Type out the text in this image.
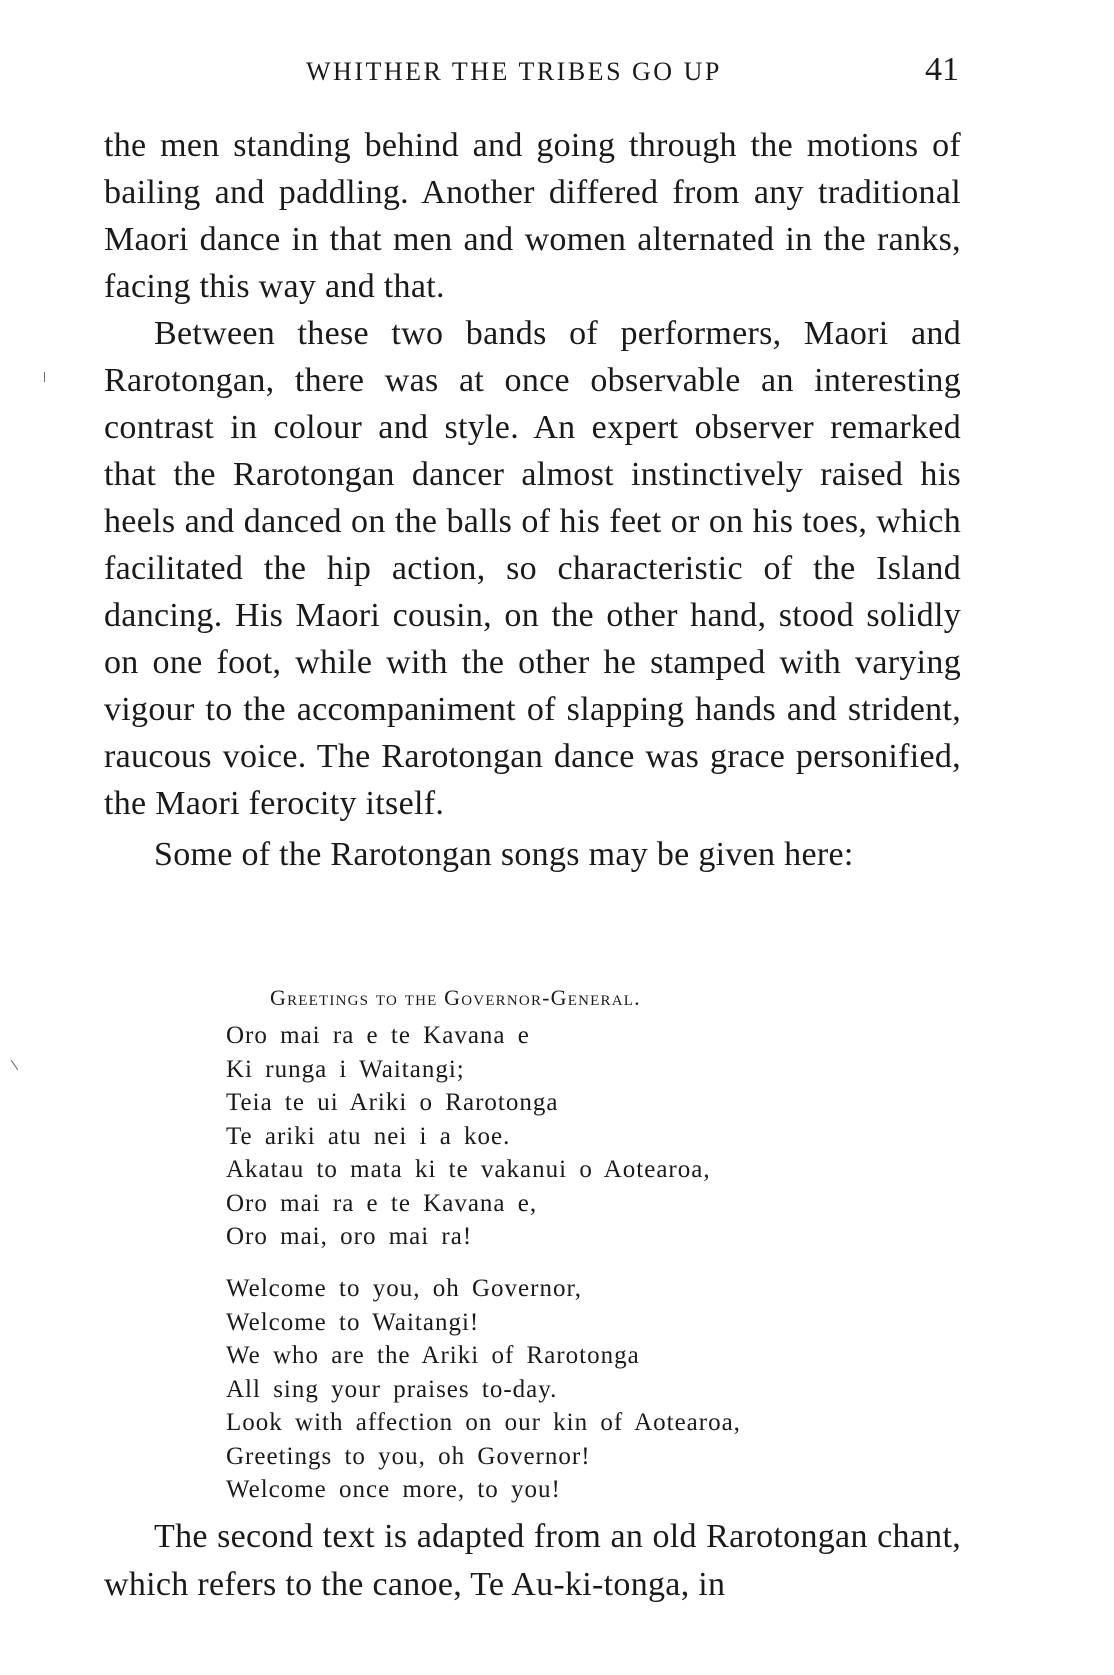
WHITHER THE TRIBES GO UP	41

the men standing behind and going through the motions of bailing and paddling. Another differed from any traditional Maori dance in that men and women alternated in the ranks, facing this way and that.

Between these two bands of performers, Maori and Rarotongan, there was at once observable an interesting contrast in colour and style. An expert observer remarked that the Rarotongan dancer almost instinctively raised his heels and danced on the balls of his feet or on his toes, which facilitated the hip action, so characteristic of the Island dancing. His Maori cousin, on the other hand, stood solidly on one foot, while with the other he stamped with varying vigour to the accompaniment of slapping hands and strident, raucous voice. The Rarotongan dance was grace personified, the Maori ferocity itself.

Some of the Rarotongan songs may be given here:

Greetings to the Governor-General.
Oro mai ra e te Kavana e
Ki runga i Waitangi;
Teia te ui Ariki o Rarotonga
Te ariki atu nei i a koe.
Akatau to mata ki te vakanui o Aotearoa,
Oro mai ra e te Kavana e,
Oro mai, oro mai ra!
Welcome to you, oh Governor,
Welcome to Waitangi!
We who are the Ariki of Rarotonga
All sing your praises to-day.
Look with affection on our kin of Aotearoa,
Greetings to you, oh Governor!
Welcome once more, to you!

The second text is adapted from an old Rarotongan chant, which refers to the canoe, Te Au-ki-tonga, in
